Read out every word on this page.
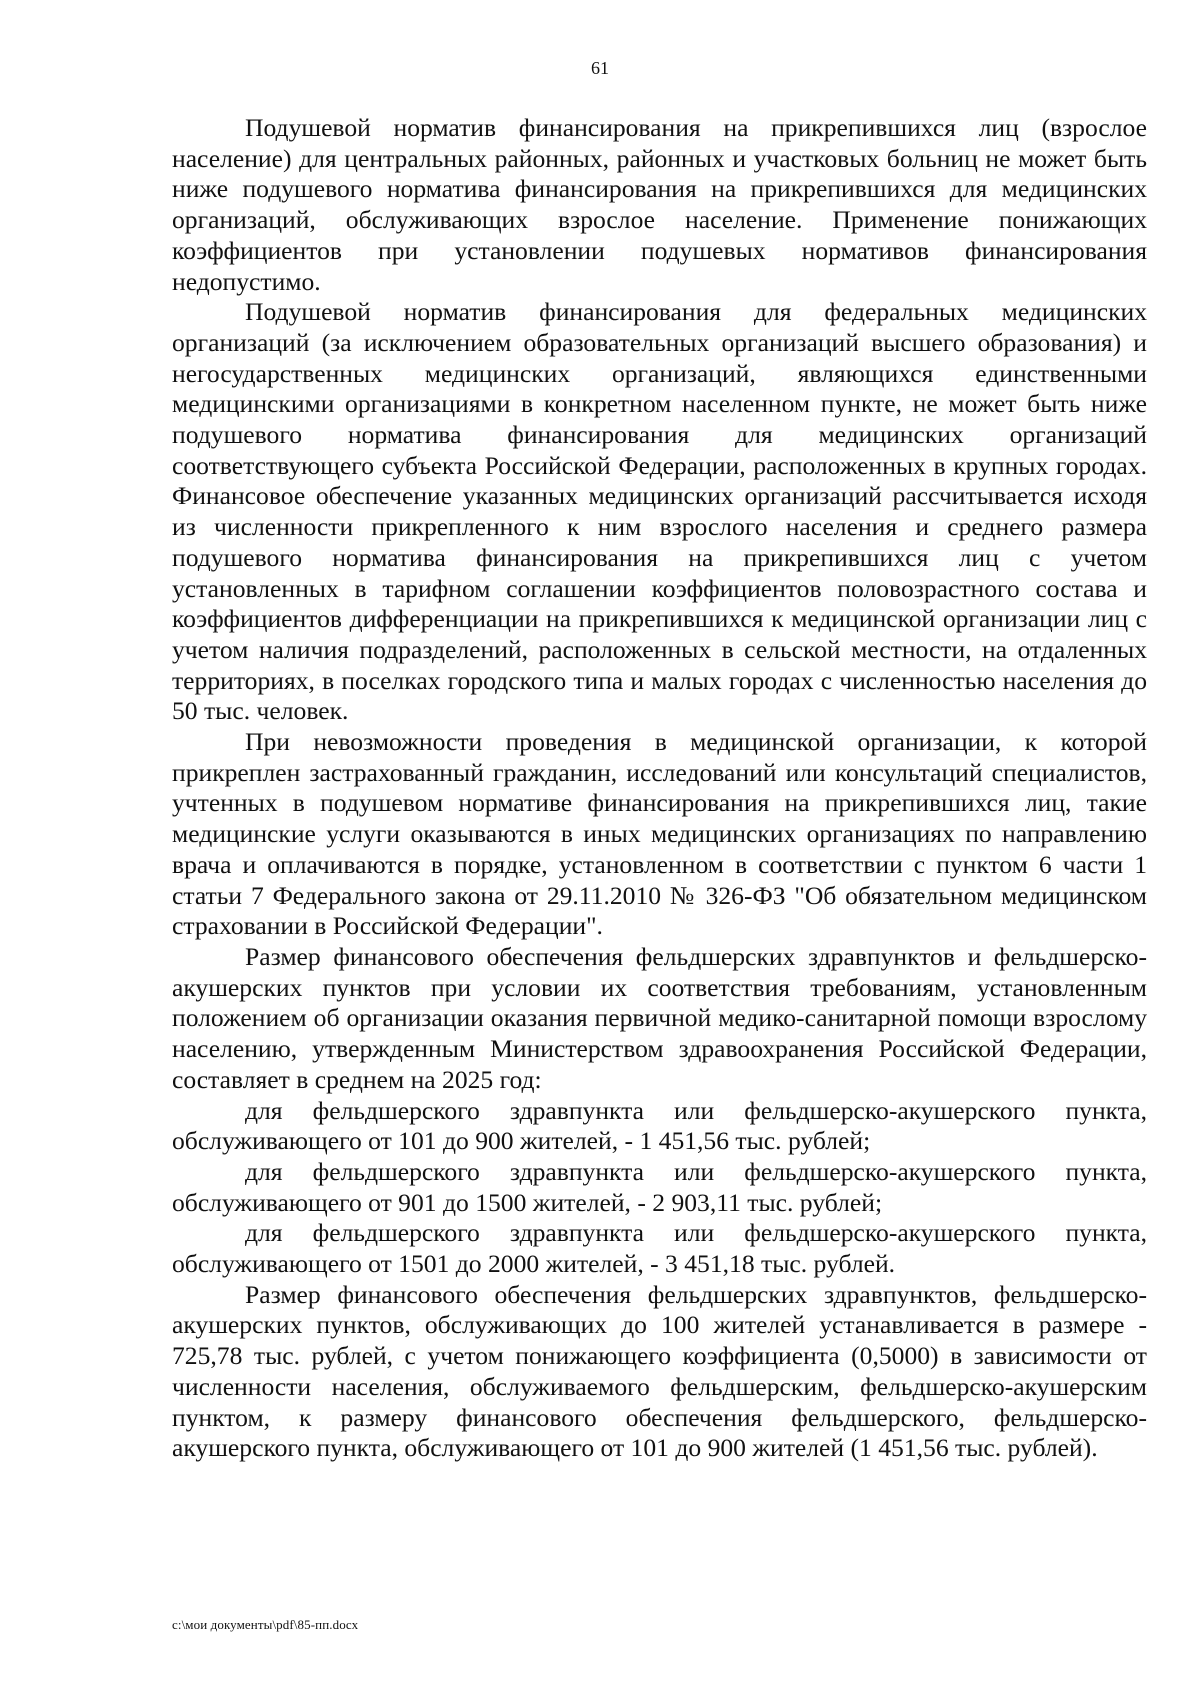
61

Подушевой норматив финансирования на прикрепившихся лиц (взрослое население) для центральных районных, районных и участковых больниц не может быть ниже подушевого норматива финансирования на прикрепившихся для медицинских организаций, обслуживающих взрослое население. Применение понижающих коэффициентов при установлении подушевых нормативов финансирования недопустимо.

Подушевой норматив финансирования для федеральных медицинских организаций (за исключением образовательных организаций высшего образования) и негосударственных медицинских организаций, являющихся единственными медицинскими организациями в конкретном населенном пункте, не может быть ниже подушевого норматива финансирования для медицинских организаций соответствующего субъекта Российской Федерации, расположенных в крупных городах. Финансовое обеспечение указанных медицинских организаций рассчитывается исходя из численности прикрепленного к ним взрослого населения и среднего размера подушевого норматива финансирования на прикрепившихся лиц с учетом установленных в тарифном соглашении коэффициентов половозрастного состава и коэффициентов дифференциации на прикрепившихся к медицинской организации лиц с учетом наличия подразделений, расположенных в сельской местности, на отдаленных территориях, в поселках городского типа и малых городах с численностью населения до 50 тыс. человек.

При невозможности проведения в медицинской организации, к которой прикреплен застрахованный гражданин, исследований или консультаций специалистов, учтенных в подушевом нормативе финансирования на прикрепившихся лиц, такие медицинские услуги оказываются в иных медицинских организациях по направлению врача и оплачиваются в порядке, установленном в соответствии с пунктом 6 части 1 статьи 7 Федерального закона от 29.11.2010 № 326-ФЗ "Об обязательном медицинском страховании в Российской Федерации".

Размер финансового обеспечения фельдшерских здравпунктов и фельдшерско-акушерских пунктов при условии их соответствия требованиям, установленным положением об организации оказания первичной медико-санитарной помощи взрослому населению, утвержденным Министерством здравоохранения Российской Федерации, составляет в среднем на 2025 год:

для фельдшерского здравпункта или фельдшерско-акушерского пункта, обслуживающего от 101 до 900 жителей, - 1 451,56 тыс. рублей;

для фельдшерского здравпункта или фельдшерско-акушерского пункта, обслуживающего от 901 до 1500 жителей, - 2 903,11 тыс. рублей;

для фельдшерского здравпункта или фельдшерско-акушерского пункта, обслуживающего от 1501 до 2000 жителей, - 3 451,18 тыс. рублей.

Размер финансового обеспечения фельдшерских здравпунктов, фельдшерско-акушерских пунктов, обслуживающих до 100 жителей устанавливается в размере - 725,78 тыс. рублей, с учетом понижающего коэффициента (0,5000) в зависимости от численности населения, обслуживаемого фельдшерским, фельдшерско-акушерским пунктом, к размеру финансового обеспечения фельдшерского, фельдшерско-акушерского пункта, обслуживающего от 101 до 900 жителей (1 451,56 тыс. рублей).

c:\мои документы\pdf\85-пп.docx
